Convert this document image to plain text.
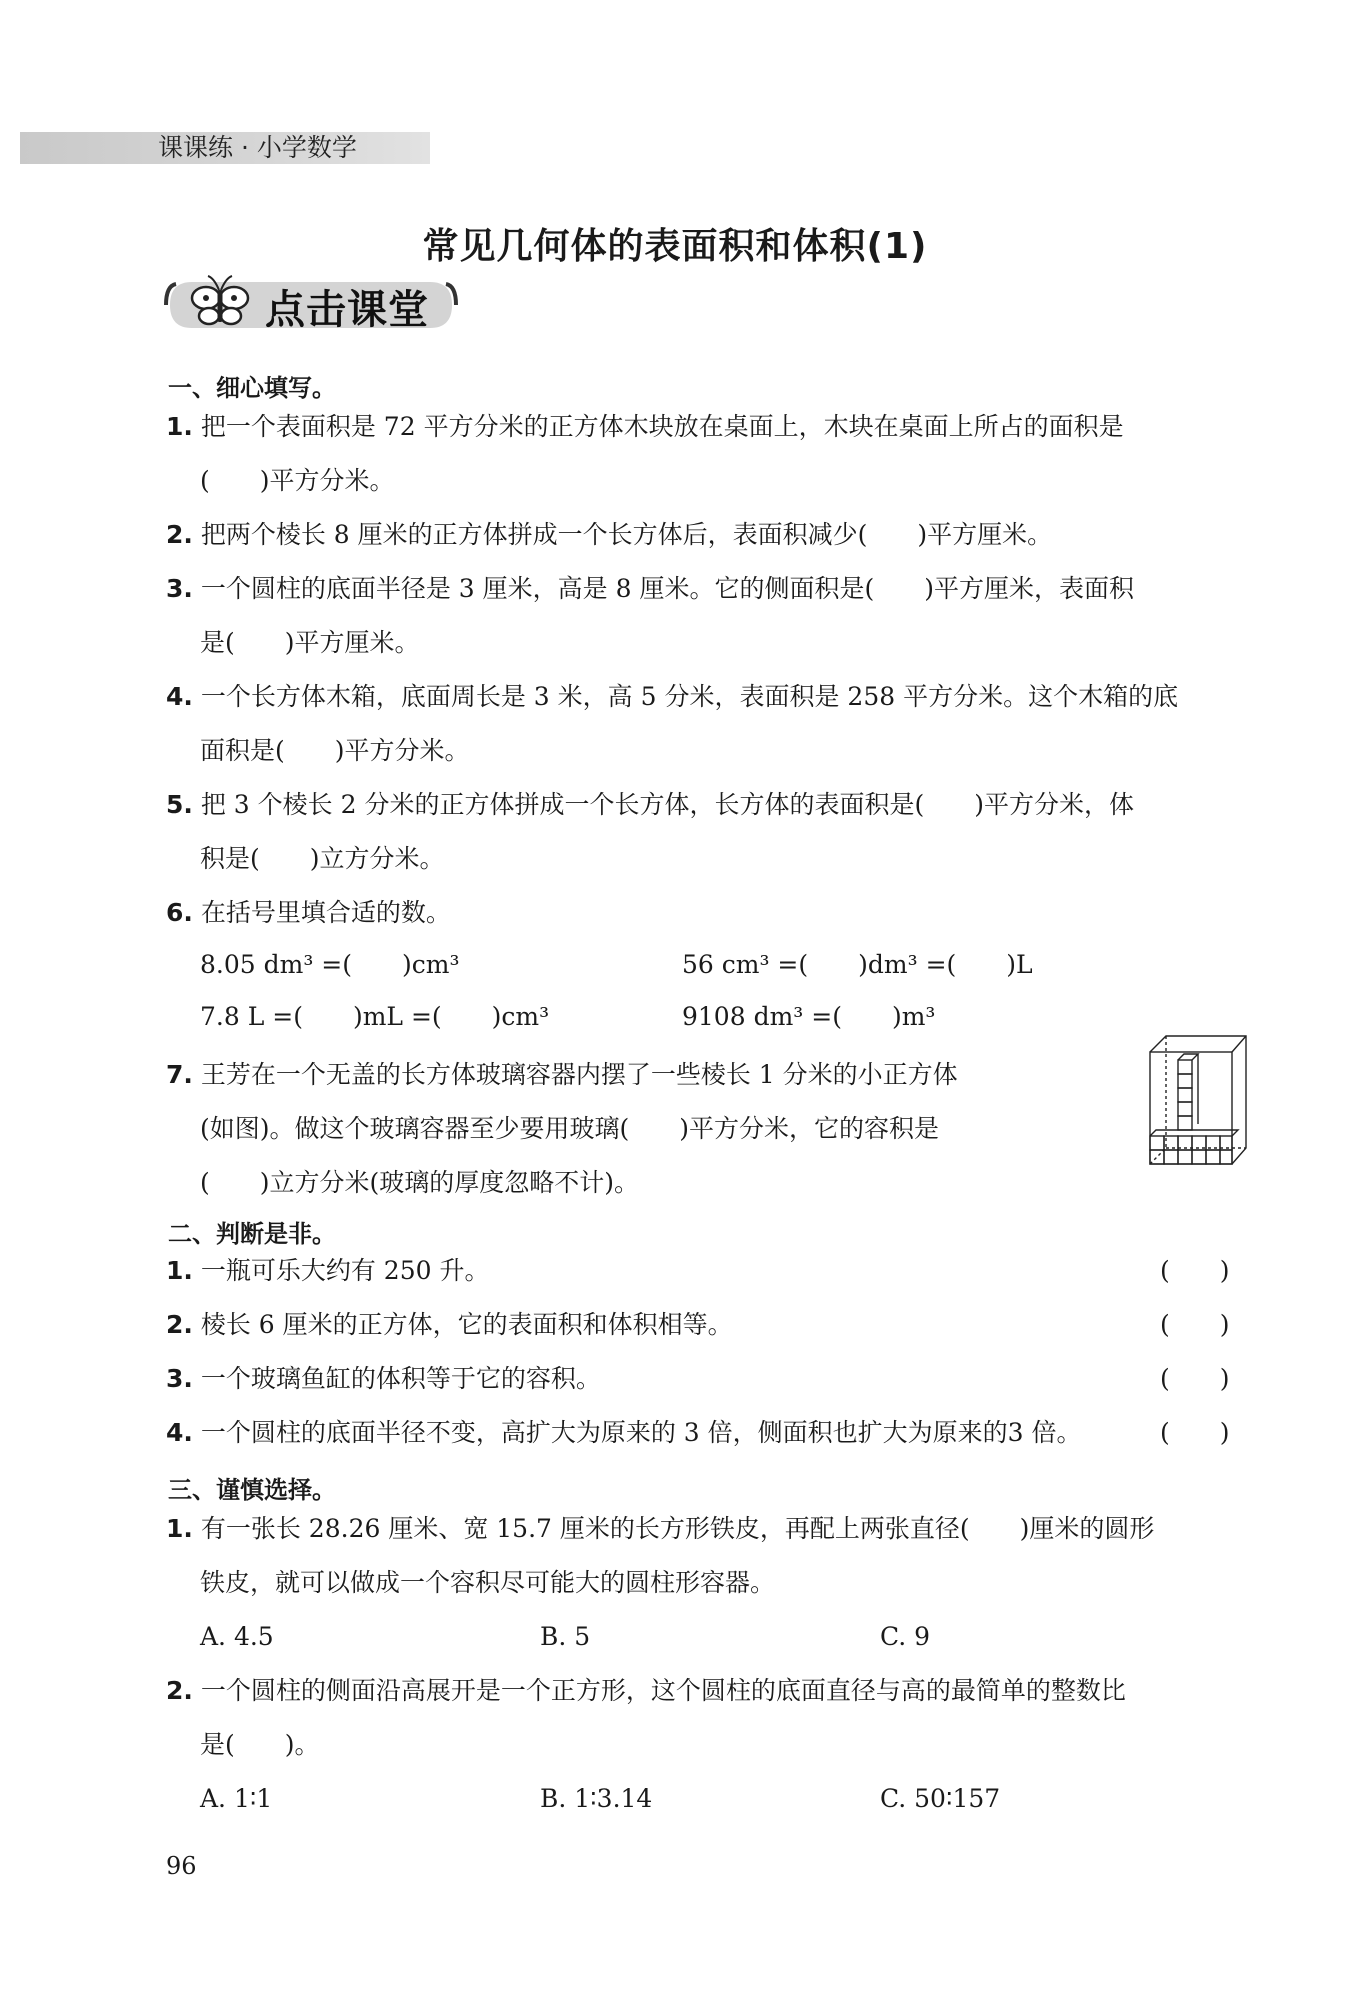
课课练 · 小学数学
常见几何体的表面积和体积(1)
点击课堂
一、细心填写。
1. 把一个表面积是 72 平方分米的正方体木块放在桌面上，木块在桌面上所占的面积是
(　　)平方分米。
2. 把两个棱长 8 厘米的正方体拼成一个长方体后，表面积减少(　　)平方厘米。
3. 一个圆柱的底面半径是 3 厘米，高是 8 厘米。它的侧面积是(　　)平方厘米，表面积
是(　　)平方厘米。
4. 一个长方体木箱，底面周长是 3 米，高 5 分米，表面积是 258 平方分米。这个木箱的底
面积是(　　)平方分米。
5. 把 3 个棱长 2 分米的正方体拼成一个长方体，长方体的表面积是(　　)平方分米，体
积是(　　)立方分米。
6. 在括号里填合适的数。
8.05 dm³ =(　　)cm³	56 cm³ =(　　)dm³ =(　　)L
7.8 L =(　　)mL =(　　)cm³	9108 dm³ =(　　)m³
7. 王芳在一个无盖的长方体玻璃容器内摆了一些棱长 1 分米的小正方体
(如图)。做这个玻璃容器至少要用玻璃(　　)平方分米，它的容积是
(　　)立方分米(玻璃的厚度忽略不计)。
二、判断是非。
1. 一瓶可乐大约有 250 升。	(　　)
2. 棱长 6 厘米的正方体，它的表面积和体积相等。	(　　)
3. 一个玻璃鱼缸的体积等于它的容积。	(　　)
4. 一个圆柱的底面半径不变，高扩大为原来的 3 倍，侧面积也扩大为原来的3 倍。	(　　)
三、谨慎选择。
1. 有一张长 28.26 厘米、宽 15.7 厘米的长方形铁皮，再配上两张直径(　　)厘米的圆形
铁皮，就可以做成一个容积尽可能大的圆柱形容器。
A. 4.5	B. 5	C. 9
2. 一个圆柱的侧面沿高展开是一个正方形，这个圆柱的底面直径与高的最简单的整数比
是(　　)。
A. 1∶1	B. 1∶3.14	C. 50∶157
96
